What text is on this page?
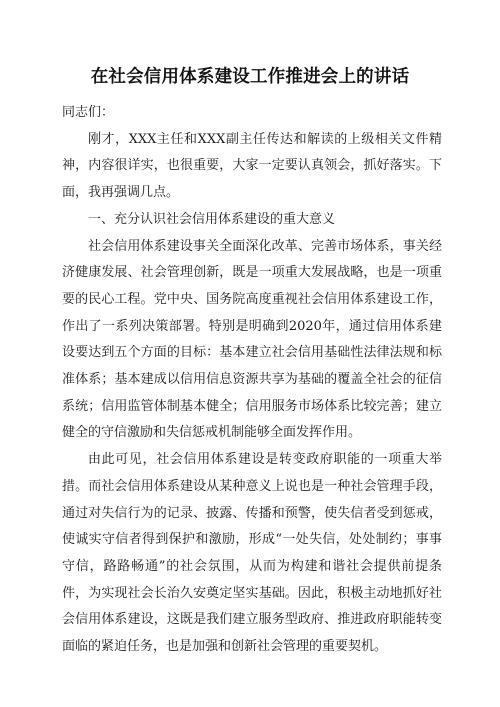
在社会信用体系建设工作推进会上的讲话

同志们：

刚才，XXX主任和XXX副主任传达和解读的上级相关文件精神，内容很详实，也很重要，大家一定要认真领会，抓好落实。下面，我再强调几点。

一、充分认识社会信用体系建设的重大意义

社会信用体系建设事关全面深化改革、完善市场体系，事关经济健康发展、社会管理创新，既是一项重大发展战略，也是一项重要的民心工程。党中央、国务院高度重视社会信用体系建设工作，作出了一系列决策部署。特别是明确到2020年，通过信用体系建设要达到五个方面的目标：基本建立社会信用基础性法律法规和标准体系；基本建成以信用信息资源共享为基础的覆盖全社会的征信系统；信用监管体制基本健全；信用服务市场体系比较完善；建立健全的守信激励和失信惩戒机制能够全面发挥作用。

由此可见，社会信用体系建设是转变政府职能的一项重大举措。而社会信用体系建设从某种意义上说也是一种社会管理手段，通过对失信行为的记录、披露、传播和预警，使失信者受到惩戒，使诚实守信者得到保护和激励，形成“一处失信，处处制约；事事守信，路路畅通”的社会氛围，从而为构建和谐社会提供前提条件，为实现社会长治久安奠定坚实基础。因此，积极主动地抓好社会信用体系建设，这既是我们建立服务型政府、推进政府职能转变面临的紧迫任务，也是加强和创新社会管理的重要契机。
